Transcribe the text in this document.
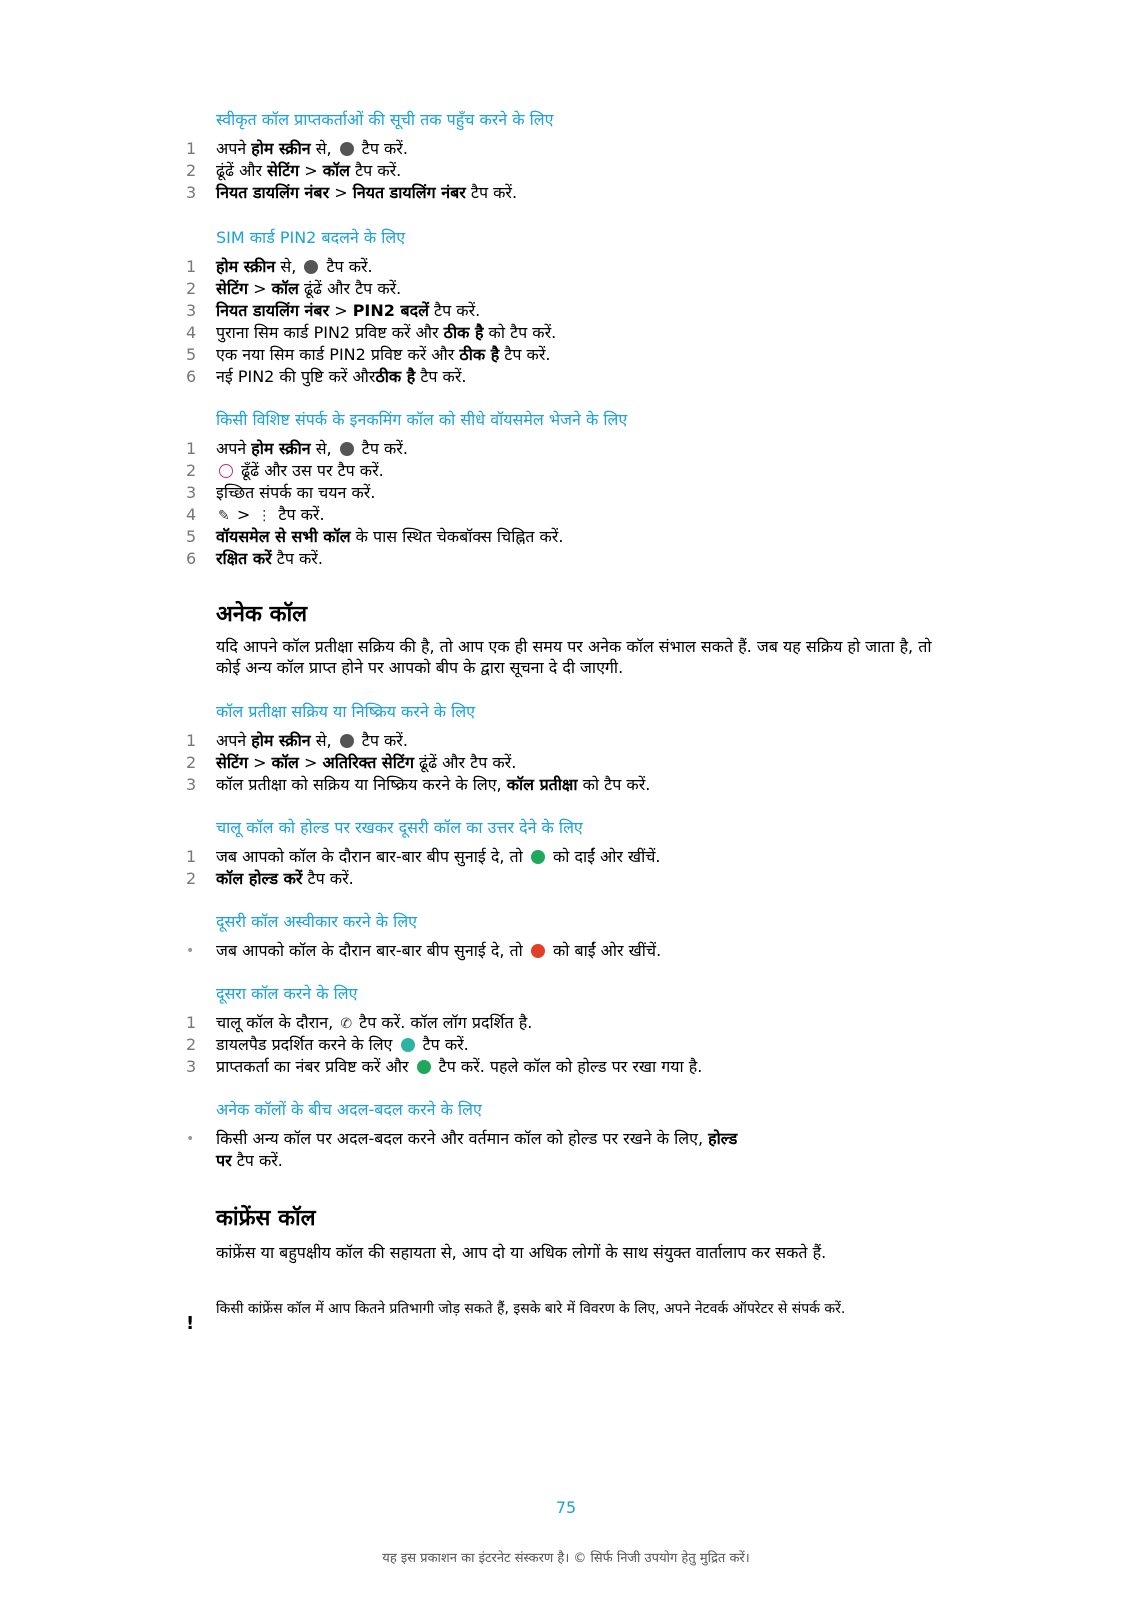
स्वीकृत कॉल प्राप्तकर्ताओं की सूची तक पहुँच करने के लिए
1 अपने होम स्क्रीन से,  टैप करें.
2 ढूंढें और सेटिंग > कॉल टैप करें.
3 नियत डायलिंग नंबर > नियत डायलिंग नंबर टैप करें.
SIM कार्ड PIN2 बदलने के लिए
1 होम स्क्रीन से,  टैप करें.
2 सेटिंग > कॉल ढूंढें और टैप करें.
3 नियत डायलिंग नंबर > PIN2 बदलें टैप करें.
4 पुराना सिम कार्ड PIN2 प्रविष्ट करें और ठीक है को टैप करें.
5 एक नया सिम कार्ड PIN2 प्रविष्ट करें और ठीक है टैप करें.
6 नई PIN2 की पुष्टि करें औरठीक है टैप करें.
किसी विशिष्ट संपर्क के इनकमिंग कॉल को सीधे वॉयसमेल भेजने के लिए
1 अपने होम स्क्रीन से,  टैप करें.
2	ढूँढें और उस पर टैप करें.
3 इच्छित संपर्क का चयन करें.
4 ✎ > ⋮ टैप करें.
5 वॉयसमेल से सभी कॉल के पास स्थित चेकबॉक्स चिह्नित करें.
6 रक्षित करें टैप करें.
अनेक कॉल
यदि आपने कॉल प्रतीक्षा सक्रिय की है, तो आप एक ही समय पर अनेक कॉल संभाल सकते हैं. जब यह सक्रिय हो जाता है, तो कोई अन्य कॉल प्राप्त होने पर आपको बीप के द्वारा सूचना दे दी जाएगी.
कॉल प्रतीक्षा सक्रिय या निष्क्रिय करने के लिए
1 अपने होम स्क्रीन से,  टैप करें.
2 सेटिंग > कॉल > अतिरिक्त सेटिंग ढूंढें और टैप करें.
3 कॉल प्रतीक्षा को सक्रिय या निष्क्रिय करने के लिए, कॉल प्रतीक्षा को टैप करें.
चालू कॉल को होल्ड पर रखकर दूसरी कॉल का उत्तर देने के लिए
1 जब आपको कॉल के दौरान बार-बार बीप सुनाई दे, तो  को दाईं ओर खींचें.
2 कॉल होल्ड करें टैप करें.
दूसरी कॉल अस्वीकार करने के लिए
• जब आपको कॉल के दौरान बार-बार बीप सुनाई दे, तो  को बाईं ओर खींचें.
दूसरा कॉल करने के लिए
1 चालू कॉल के दौरान, ✆ टैप करें. कॉल लॉग प्रदर्शित है.
2 डायलपैड प्रदर्शित करने के लिए  टैप करें.
3 प्राप्तकर्ता का नंबर प्रविष्ट करें और  टैप करें. पहले कॉल को होल्ड पर रखा गया है.
अनेक कॉलों के बीच अदल-बदल करने के लिए
• किसी अन्य कॉल पर अदल-बदल करने और वर्तमान कॉल को होल्ड पर रखने के लिए, होल्ड
पर टैप करें.
कांफ्रेंस कॉल
कांफ्रेंस या बहुपक्षीय कॉल की सहायता से, आप दो या अधिक लोगों के साथ संयुक्त वार्तालाप कर सकते हैं.
!
किसी कांफ्रेंस कॉल में आप कितने प्रतिभागी जोड़ सकते हैं, इसके बारे में विवरण के लिए, अपने नेटवर्क ऑपरेटर से संपर्क करें.
75
यह इस प्रकाशन का इंटरनेट संस्करण है। © सिर्फ निजी उपयोग हेतु मुद्रित करें।
